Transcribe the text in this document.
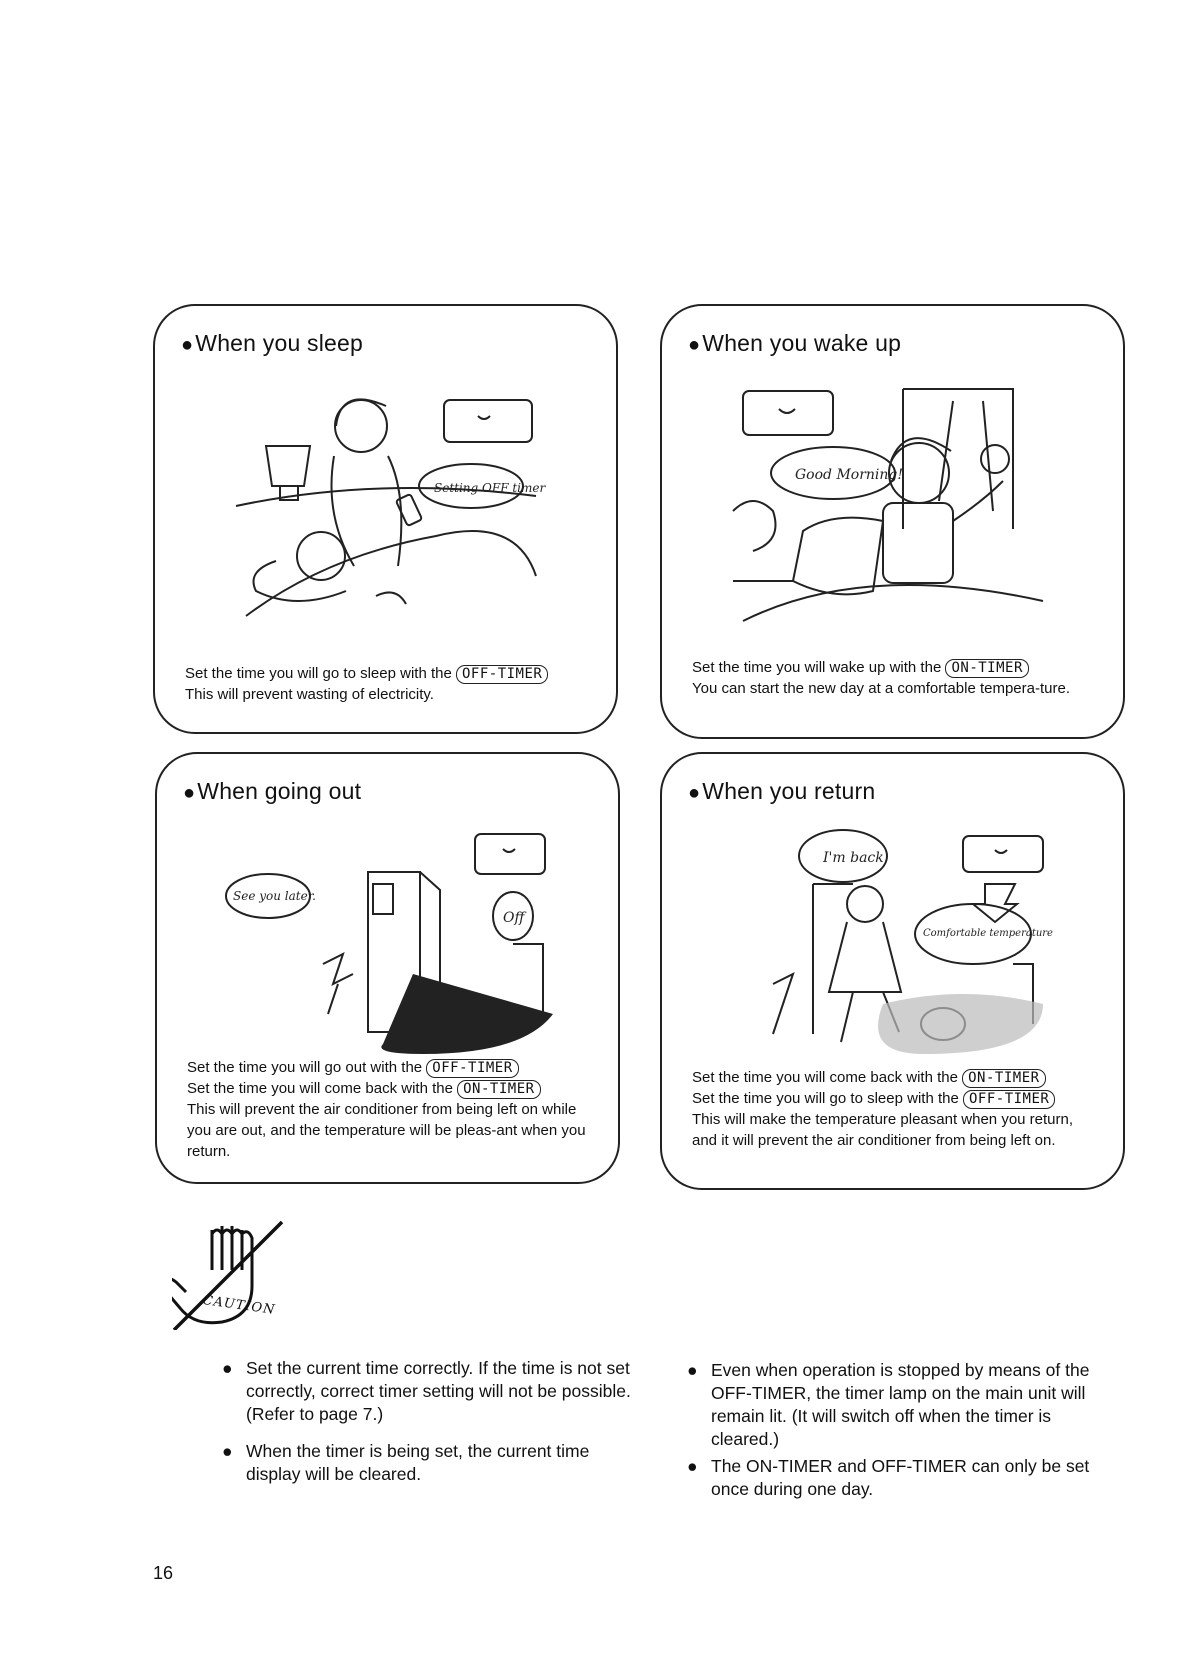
●When you sleep
Setting OFF timer
Set the time you will go to sleep with the OFF-TIMER
This will prevent wasting of electricity.
●When you wake up
Good Morning!
Set the time you will wake up with the ON-TIMER
You can start the new day at a comfortable tempera-ture.
●When going out
See you later.
Off
Set the time you will go out with the OFF-TIMER
Set the time you will come back with the ON-TIMER
This will prevent the air conditioner from being left on while you are out, and the temperature will be pleas-ant when you return.
●When you return
I'm back.
Comfortable temperature
Set the time you will come back with the ON-TIMER
Set the time you will go to sleep with the OFF-TIMER
This will make the temperature pleasant when you return, and it will prevent the air conditioner from being left on.
CAUTION
● Set the current time correctly. If the time is not set correctly, correct timer setting will not be possible. (Refer to page 7.)

● When the timer is being set, the current time display will be cleared.

● Even when operation is stopped by means of the OFF-TIMER, the timer lamp on the main unit will remain lit. (It will switch off when the timer is cleared.)

● The ON-TIMER and OFF-TIMER can only be set once during one day.

16
